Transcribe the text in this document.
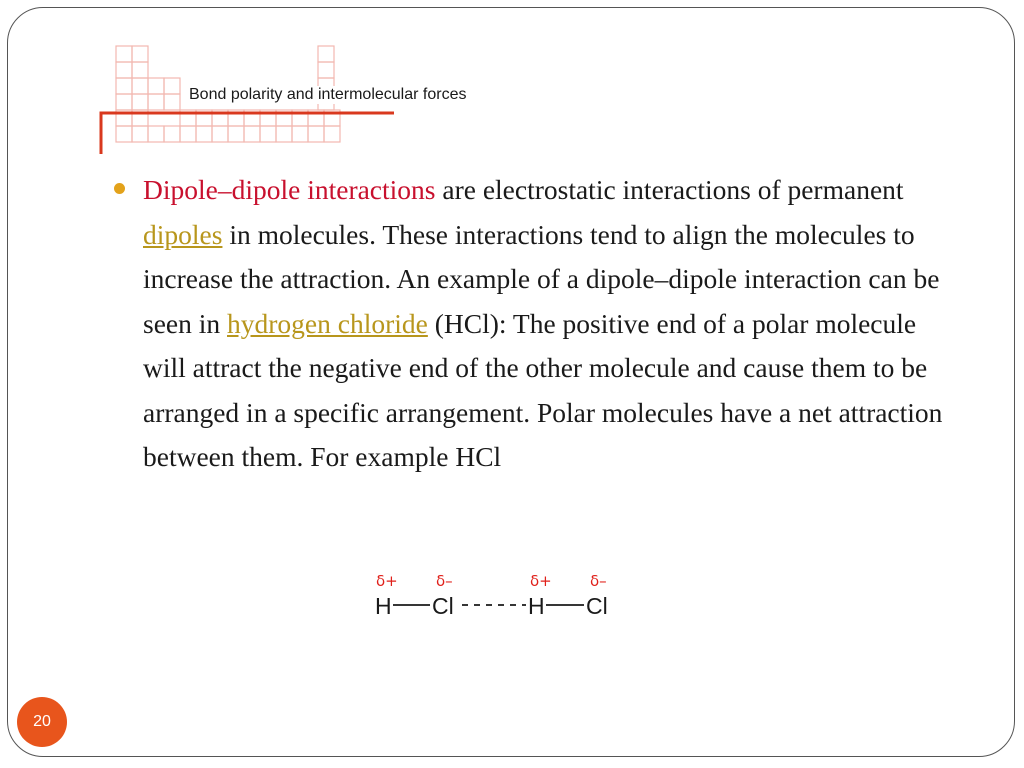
Bond polarity and intermolecular forces
Dipole–dipole interactions are electrostatic interactions of permanent dipoles in molecules. These interactions tend to align the molecules to increase the attraction. An example of a dipole–dipole interaction can be seen in hydrogen chloride (HCl): The positive end of a polar molecule will attract the negative end of the other molecule and cause them to be arranged in a specific arrangement. Polar molecules have a net attraction between them. For example HCl
δ+	δ–	δ+	δ–
H Cl	H Cl
20
